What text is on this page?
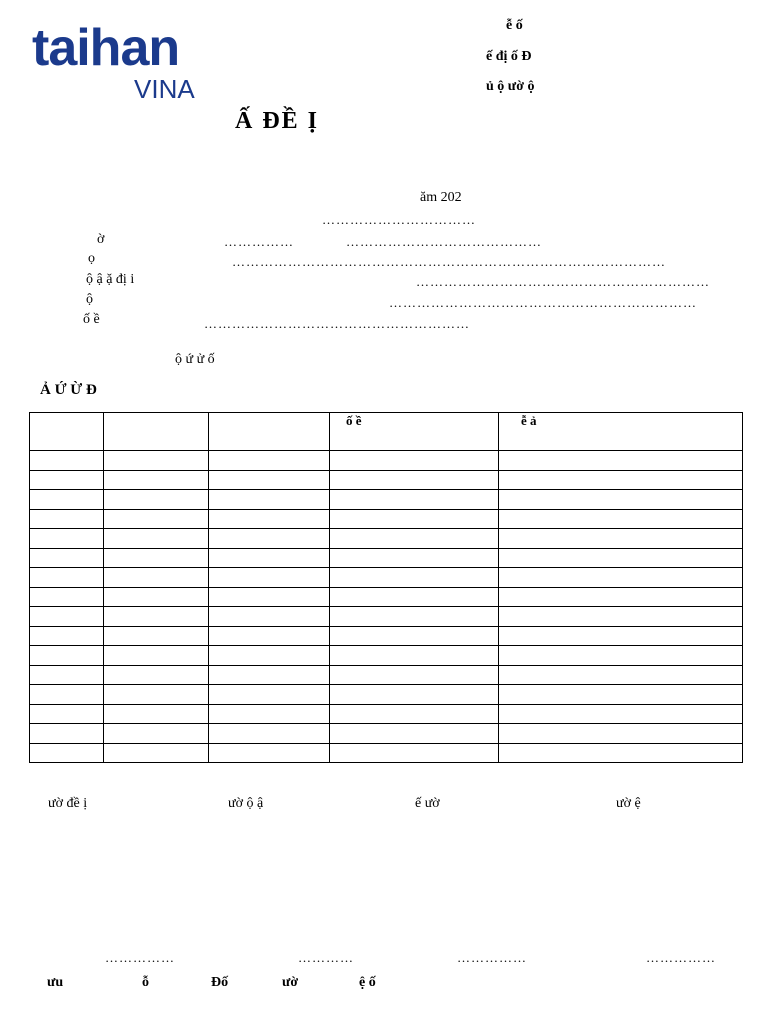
taihan
VINA
ễ ố
ế đị ố Đ
ủ ộ ườ ộ
Ấ ĐỀ Ị
ăm 202
……………………………
ờ	……………	……………………………………
ọ	…………………………………………………………………………………
ộ ậ ặ đị i	………………………………………………………
ộ	…………………………………………………………
ố ề	…………………………………………………
ộ ứ ử ố
Ả Ứ Ừ Đ
			ố ề	ễ ả

ườ đề ị	ườ ộ ậ	ế ườ	ườ ệ
……………	…………	……………	……………
ưu	ỗ	Đố	ườ	ệ ố
